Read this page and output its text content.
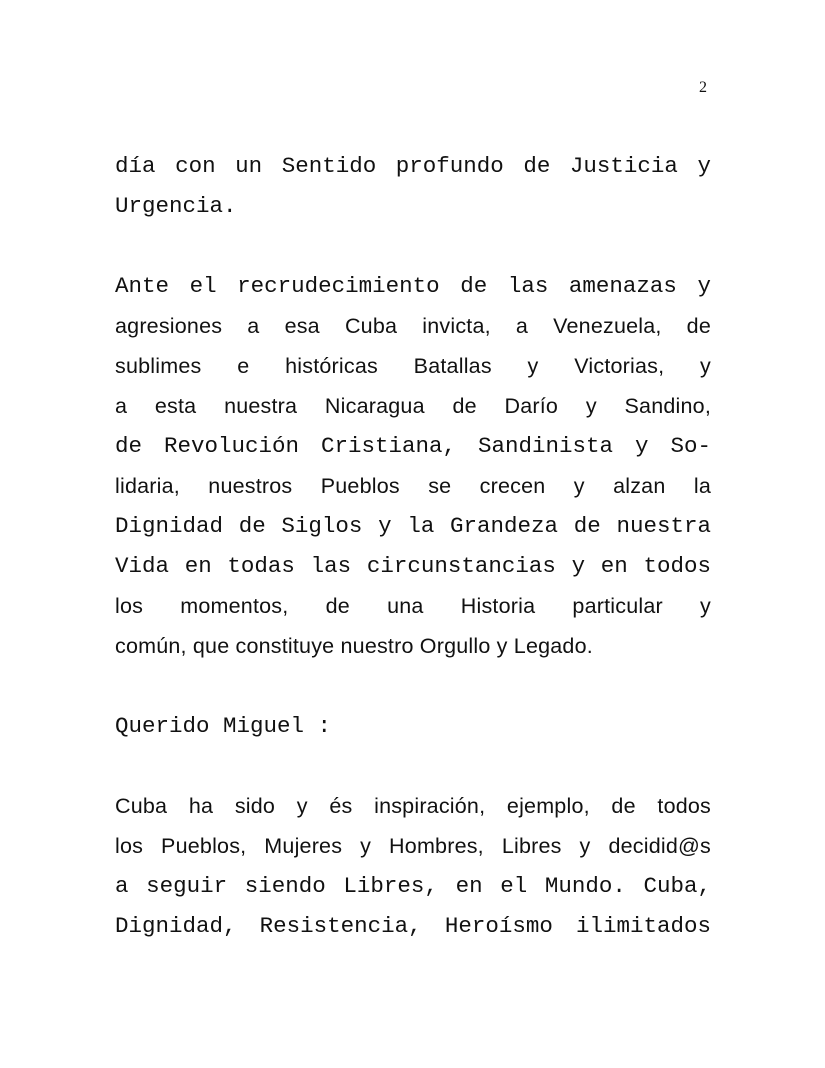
2

día con un Sentido profundo de Justicia y
Urgencia.

Ante el recrudecimiento de las amenazas y
agresiones a esa Cuba invicta, a Venezuela, de
sublimes e históricas Batallas y Victorias, y
a esta nuestra Nicaragua de Darío y Sandino,
de Revolución Cristiana, Sandinista y So-
lidaria, nuestros Pueblos se crecen y alzan la
Dignidad de Siglos y la Grandeza de nuestra
Vida en todas las circunstancias y en todos
los momentos, de una Historia particular y
común, que constituye nuestro Orgullo y Legado.

Querido Miguel :

Cuba ha sido y és inspiración, ejemplo, de todos
los Pueblos, Mujeres y Hombres, Libres y decidid@s
a seguir siendo Libres, en el Mundo. Cuba,
Dignidad, Resistencia, Heroísmo ilimitados
